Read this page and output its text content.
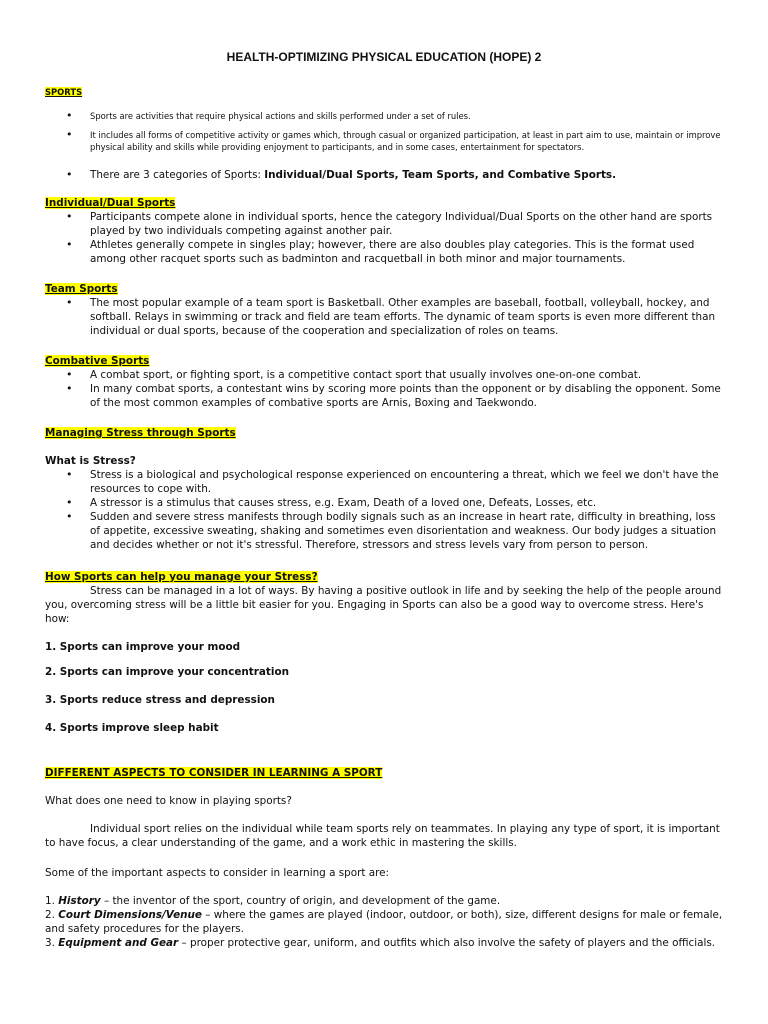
HEALTH-OPTIMIZING PHYSICAL EDUCATION (HOPE) 2
SPORTS
• Sports are activities that require physical actions and skills performed under a set of rules.
• It includes all forms of competitive activity or games which, through casual or organized participation, at least in part aim to use, maintain or improve physical ability and skills while providing enjoyment to participants, and in some cases, entertainment for spectators.
• There are 3 categories of Sports: Individual/Dual Sports, Team Sports, and Combative Sports.
Individual/Dual Sports
• Participants compete alone in individual sports, hence the category Individual/Dual Sports on the other hand are sports played by two individuals competing against another pair.
• Athletes generally compete in singles play; however, there are also doubles play categories. This is the format used among other racquet sports such as badminton and racquetball in both minor and major tournaments.
Team Sports
• The most popular example of a team sport is Basketball. Other examples are baseball, football, volleyball, hockey, and softball. Relays in swimming or track and field are team efforts. The dynamic of team sports is even more different than individual or dual sports, because of the cooperation and specialization of roles on teams.
Combative Sports
• A combat sport, or fighting sport, is a competitive contact sport that usually involves one-on-one combat.
• In many combat sports, a contestant wins by scoring more points than the opponent or by disabling the opponent. Some of the most common examples of combative sports are Arnis, Boxing and Taekwondo.
Managing Stress through Sports
What is Stress?
• Stress is a biological and psychological response experienced on encountering a threat, which we feel we don't have the resources to cope with.
• A stressor is a stimulus that causes stress, e.g. Exam, Death of a loved one, Defeats, Losses, etc.
• Sudden and severe stress manifests through bodily signals such as an increase in heart rate, difficulty in breathing, loss of appetite, excessive sweating, shaking and sometimes even disorientation and weakness. Our body judges a situation and decides whether or not it's stressful. Therefore, stressors and stress levels vary from person to person.
How Sports can help you manage your Stress?
Stress can be managed in a lot of ways. By having a positive outlook in life and by seeking the help of the people around you, overcoming stress will be a little bit easier for you. Engaging in Sports can also be a good way to overcome stress. Here's how:
1. Sports can improve your mood
2. Sports can improve your concentration
3. Sports reduce stress and depression
4. Sports improve sleep habit
DIFFERENT ASPECTS TO CONSIDER IN LEARNING A SPORT
What does one need to know in playing sports?
Individual sport relies on the individual while team sports rely on teammates. In playing any type of sport, it is important to have focus, a clear understanding of the game, and a work ethic in mastering the skills.
Some of the important aspects to consider in learning a sport are:
1. History – the inventor of the sport, country of origin, and development of the game.
2. Court Dimensions/Venue – where the games are played (indoor, outdoor, or both), size, different designs for male or female, and safety procedures for the players.
3. Equipment and Gear – proper protective gear, uniform, and outfits which also involve the safety of players and the officials.
